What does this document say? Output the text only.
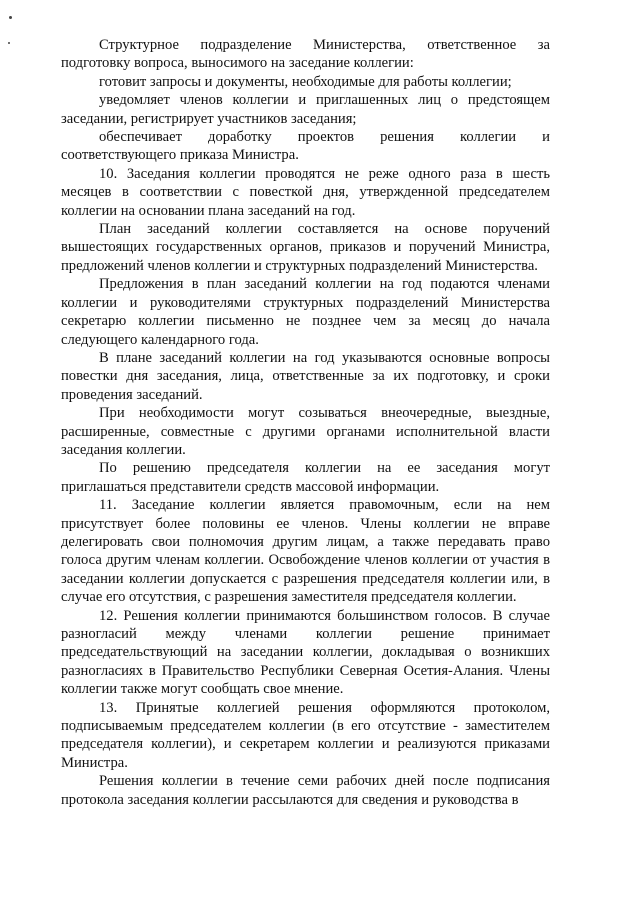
Структурное подразделение Министерства, ответственное за подготовку вопроса, выносимого на заседание коллегии:

готовит запросы и документы, необходимые для работы коллегии;

уведомляет членов коллегии и приглашенных лиц о предстоящем заседании, регистрирует участников заседания;

обеспечивает доработку проектов решения коллегии и соответствующего приказа Министра.

10. Заседания коллегии проводятся не реже одного раза в шесть месяцев в соответствии с повесткой дня, утвержденной председателем коллегии на основании плана заседаний на год.

План заседаний коллегии составляется на основе поручений вышестоящих государственных органов, приказов и поручений Министра, предложений членов коллегии и структурных подразделений Министерства.

Предложения в план заседаний коллегии на год подаются членами коллегии и руководителями структурных подразделений Министерства секретарю коллегии письменно не позднее чем за месяц до начала следующего календарного года.

В плане заседаний коллегии на год указываются основные вопросы повестки дня заседания, лица, ответственные за их подготовку, и сроки проведения заседаний.

При необходимости могут созываться внеочередные, выездные, расширенные, совместные с другими органами исполнительной власти заседания коллегии.

По решению председателя коллегии на ее заседания могут приглашаться представители средств массовой информации.

11. Заседание коллегии является правомочным, если на нем присутствует более половины ее членов. Члены коллегии не вправе делегировать свои полномочия другим лицам, а также передавать право голоса другим членам коллегии. Освобождение членов коллегии от участия в заседании коллегии допускается с разрешения председателя коллегии или, в случае его отсутствия, с разрешения заместителя председателя коллегии.

12. Решения коллегии принимаются большинством голосов. В случае разногласий между членами коллегии решение принимает председательствующий на заседании коллегии, докладывая о возникших разногласиях в Правительство Республики Северная Осетия-Алания. Члены коллегии также могут сообщать свое мнение.

13. Принятые коллегией решения оформляются протоколом, подписываемым председателем коллегии (в его отсутствие - заместителем председателя коллегии), и секретарем коллегии и реализуются приказами Министра.

Решения коллегии в течение семи рабочих дней после подписания протокола заседания коллегии рассылаются для сведения и руководства в
